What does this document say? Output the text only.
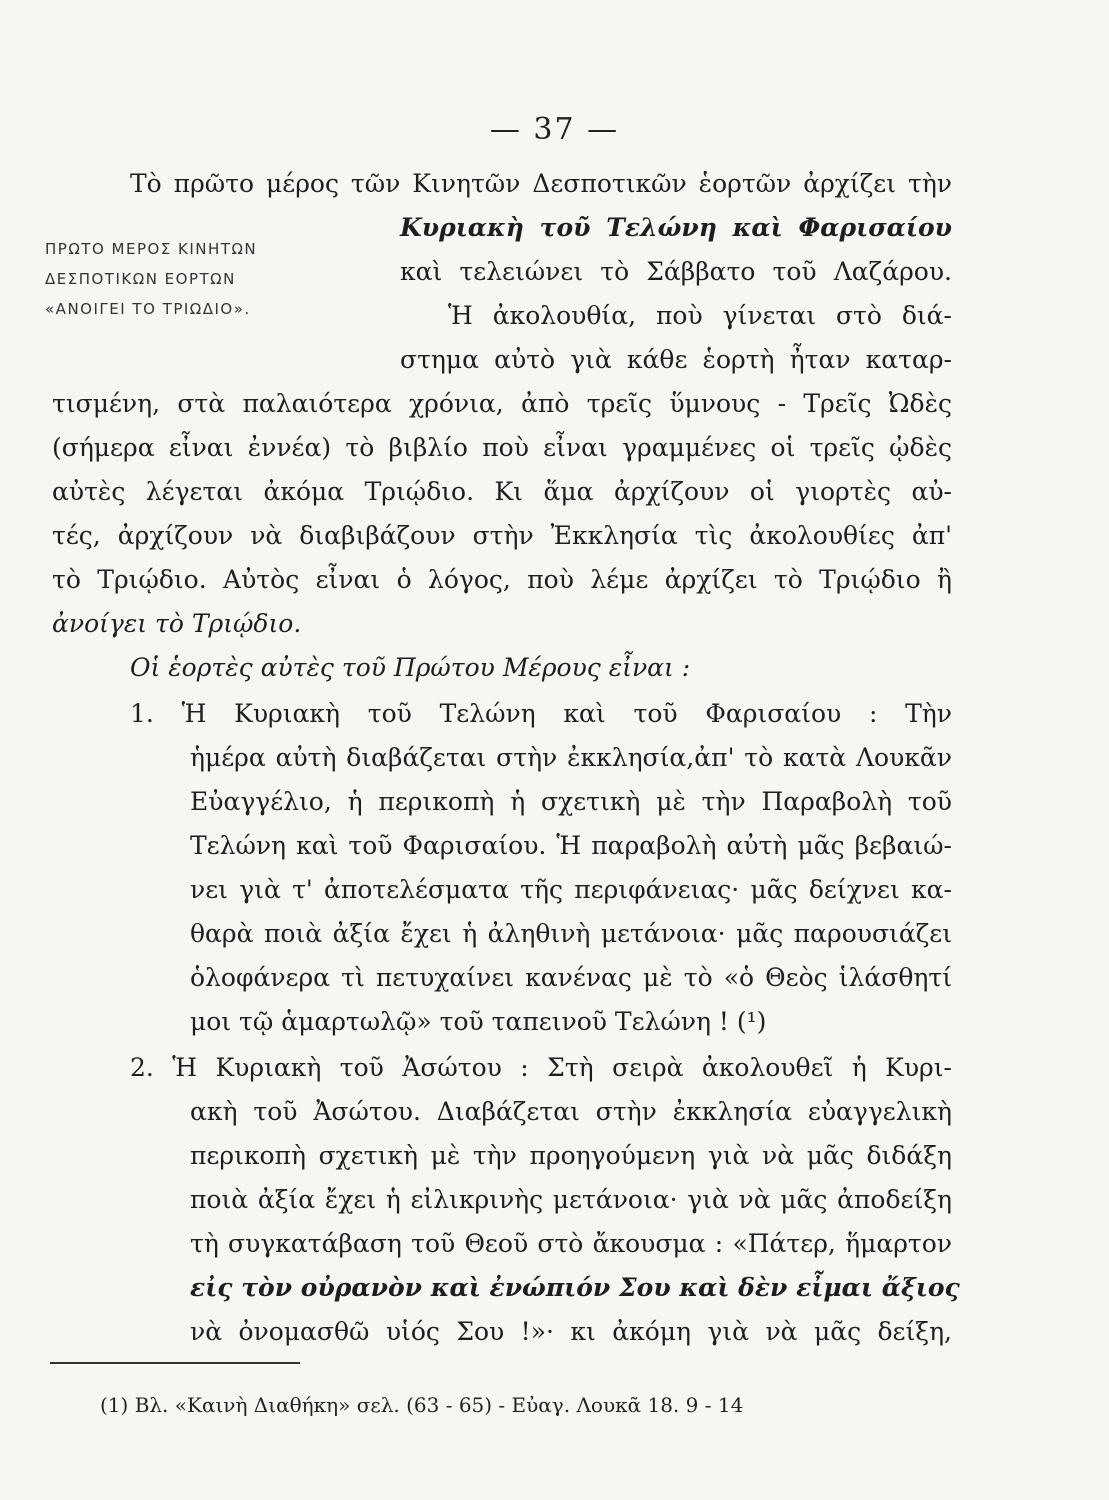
— 37 —
ΠΡΩΤΟ ΜΕΡΟΣ ΚΙΝΗΤΩΝ
ΔΕΣΠΟΤΙΚΩΝ ΕΟΡΤΩΝ
«ΑΝΟΙΓΕΙ ΤΟ ΤΡΙΩΔΙΟ».
Τὸ πρῶτο μέρος τῶν Κινητῶν Δεσποτικῶν ἑορτῶν ἀρχίζει τὴν
Κυριακὴ τοῦ Τελώνη καὶ Φαρισαίου
καὶ τελειώνει τὸ Σάββατο τοῦ Λαζάρου.
Ἡ ἀκολουθία, ποὺ γίνεται στὸ διά-
στημα αὐτὸ γιὰ κάθε ἑορτὴ ἦταν καταρ-
τισμένη, στὰ παλαιότερα χρόνια, ἀπὸ τρεῖς ὕμνους - Τρεῖς Ὠδὲς
(σήμερα εἶναι ἐννέα) τὸ βιβλίο ποὺ εἶναι γραμμένες οἱ τρεῖς ᾠδὲς
αὐτὲς λέγεται ἀκόμα Τριῴδιο. Κι ἅμα ἀρχίζουν οἱ γιορτὲς αὐ-
τές, ἀρχίζουν νὰ διαβιβάζουν στὴν Ἐκκλησία τὶς ἀκολουθίες ἀπ'
τὸ Τριῴδιο. Αὐτὸς εἶναι ὁ λόγος, ποὺ λέμε ἀρχίζει τὸ Τριῴδιο ἢ
ἀνοίγει τὸ Τριῴδιο.
Οἱ ἑορτὲς αὐτὲς τοῦ Πρώτου Μέρους εἶναι :
1. Ἡ Κυριακὴ τοῦ Τελώνη καὶ τοῦ Φαρισαίου : Τὴν
ἡμέρα αὐτὴ διαβάζεται στὴν ἐκκλησία,ἀπ' τὸ κατὰ Λουκᾶν
Εὐαγγέλιο, ἡ περικοπὴ ἡ σχετικὴ μὲ τὴν Παραβολὴ τοῦ
Τελώνη καὶ τοῦ Φαρισαίου. Ἡ παραβολὴ αὐτὴ μᾶς βεβαιώ-
νει γιὰ τ' ἀποτελέσματα τῆς περιφάνειας· μᾶς δείχνει κα-
θαρὰ ποιὰ ἀξία ἔχει ἡ ἀληθινὴ μετάνοια· μᾶς παρουσιάζει
ὁλοφάνερα τὶ πετυχαίνει κανένας μὲ τὸ «ὁ Θεὸς ἱλάσθητί
μοι τῷ ἁμαρτωλῷ» τοῦ ταπεινοῦ Τελώνη ! (¹)
2. Ἡ Κυριακὴ τοῦ Ἀσώτου : Στὴ σειρὰ ἀκολουθεῖ ἡ Κυρι-
ακὴ τοῦ Ἀσώτου. Διαβάζεται στὴν ἐκκλησία εὐαγγελικὴ
περικοπὴ σχετικὴ μὲ τὴν προηγούμενη γιὰ νὰ μᾶς διδάξη
ποιὰ ἀξία ἔχει ἡ εἰλικρινὴς μετάνοια· γιὰ νὰ μᾶς ἀποδείξη
τὴ συγκατάβαση τοῦ Θεοῦ στὸ ἄκουσμα : «Πάτερ, ἥμαρτον
εἰς τὸν οὐρανὸν καὶ ἐνώπιόν Σου καὶ δὲν εἶμαι ἄξιος
νὰ ὀνομασθῶ υἱός Σου !»· κι ἀκόμη γιὰ νὰ μᾶς δείξη,
(1) Βλ. «Καινὴ Διαθήκη» σελ. (63 - 65) - Εὐαγ. Λουκᾶ 18. 9 - 14
